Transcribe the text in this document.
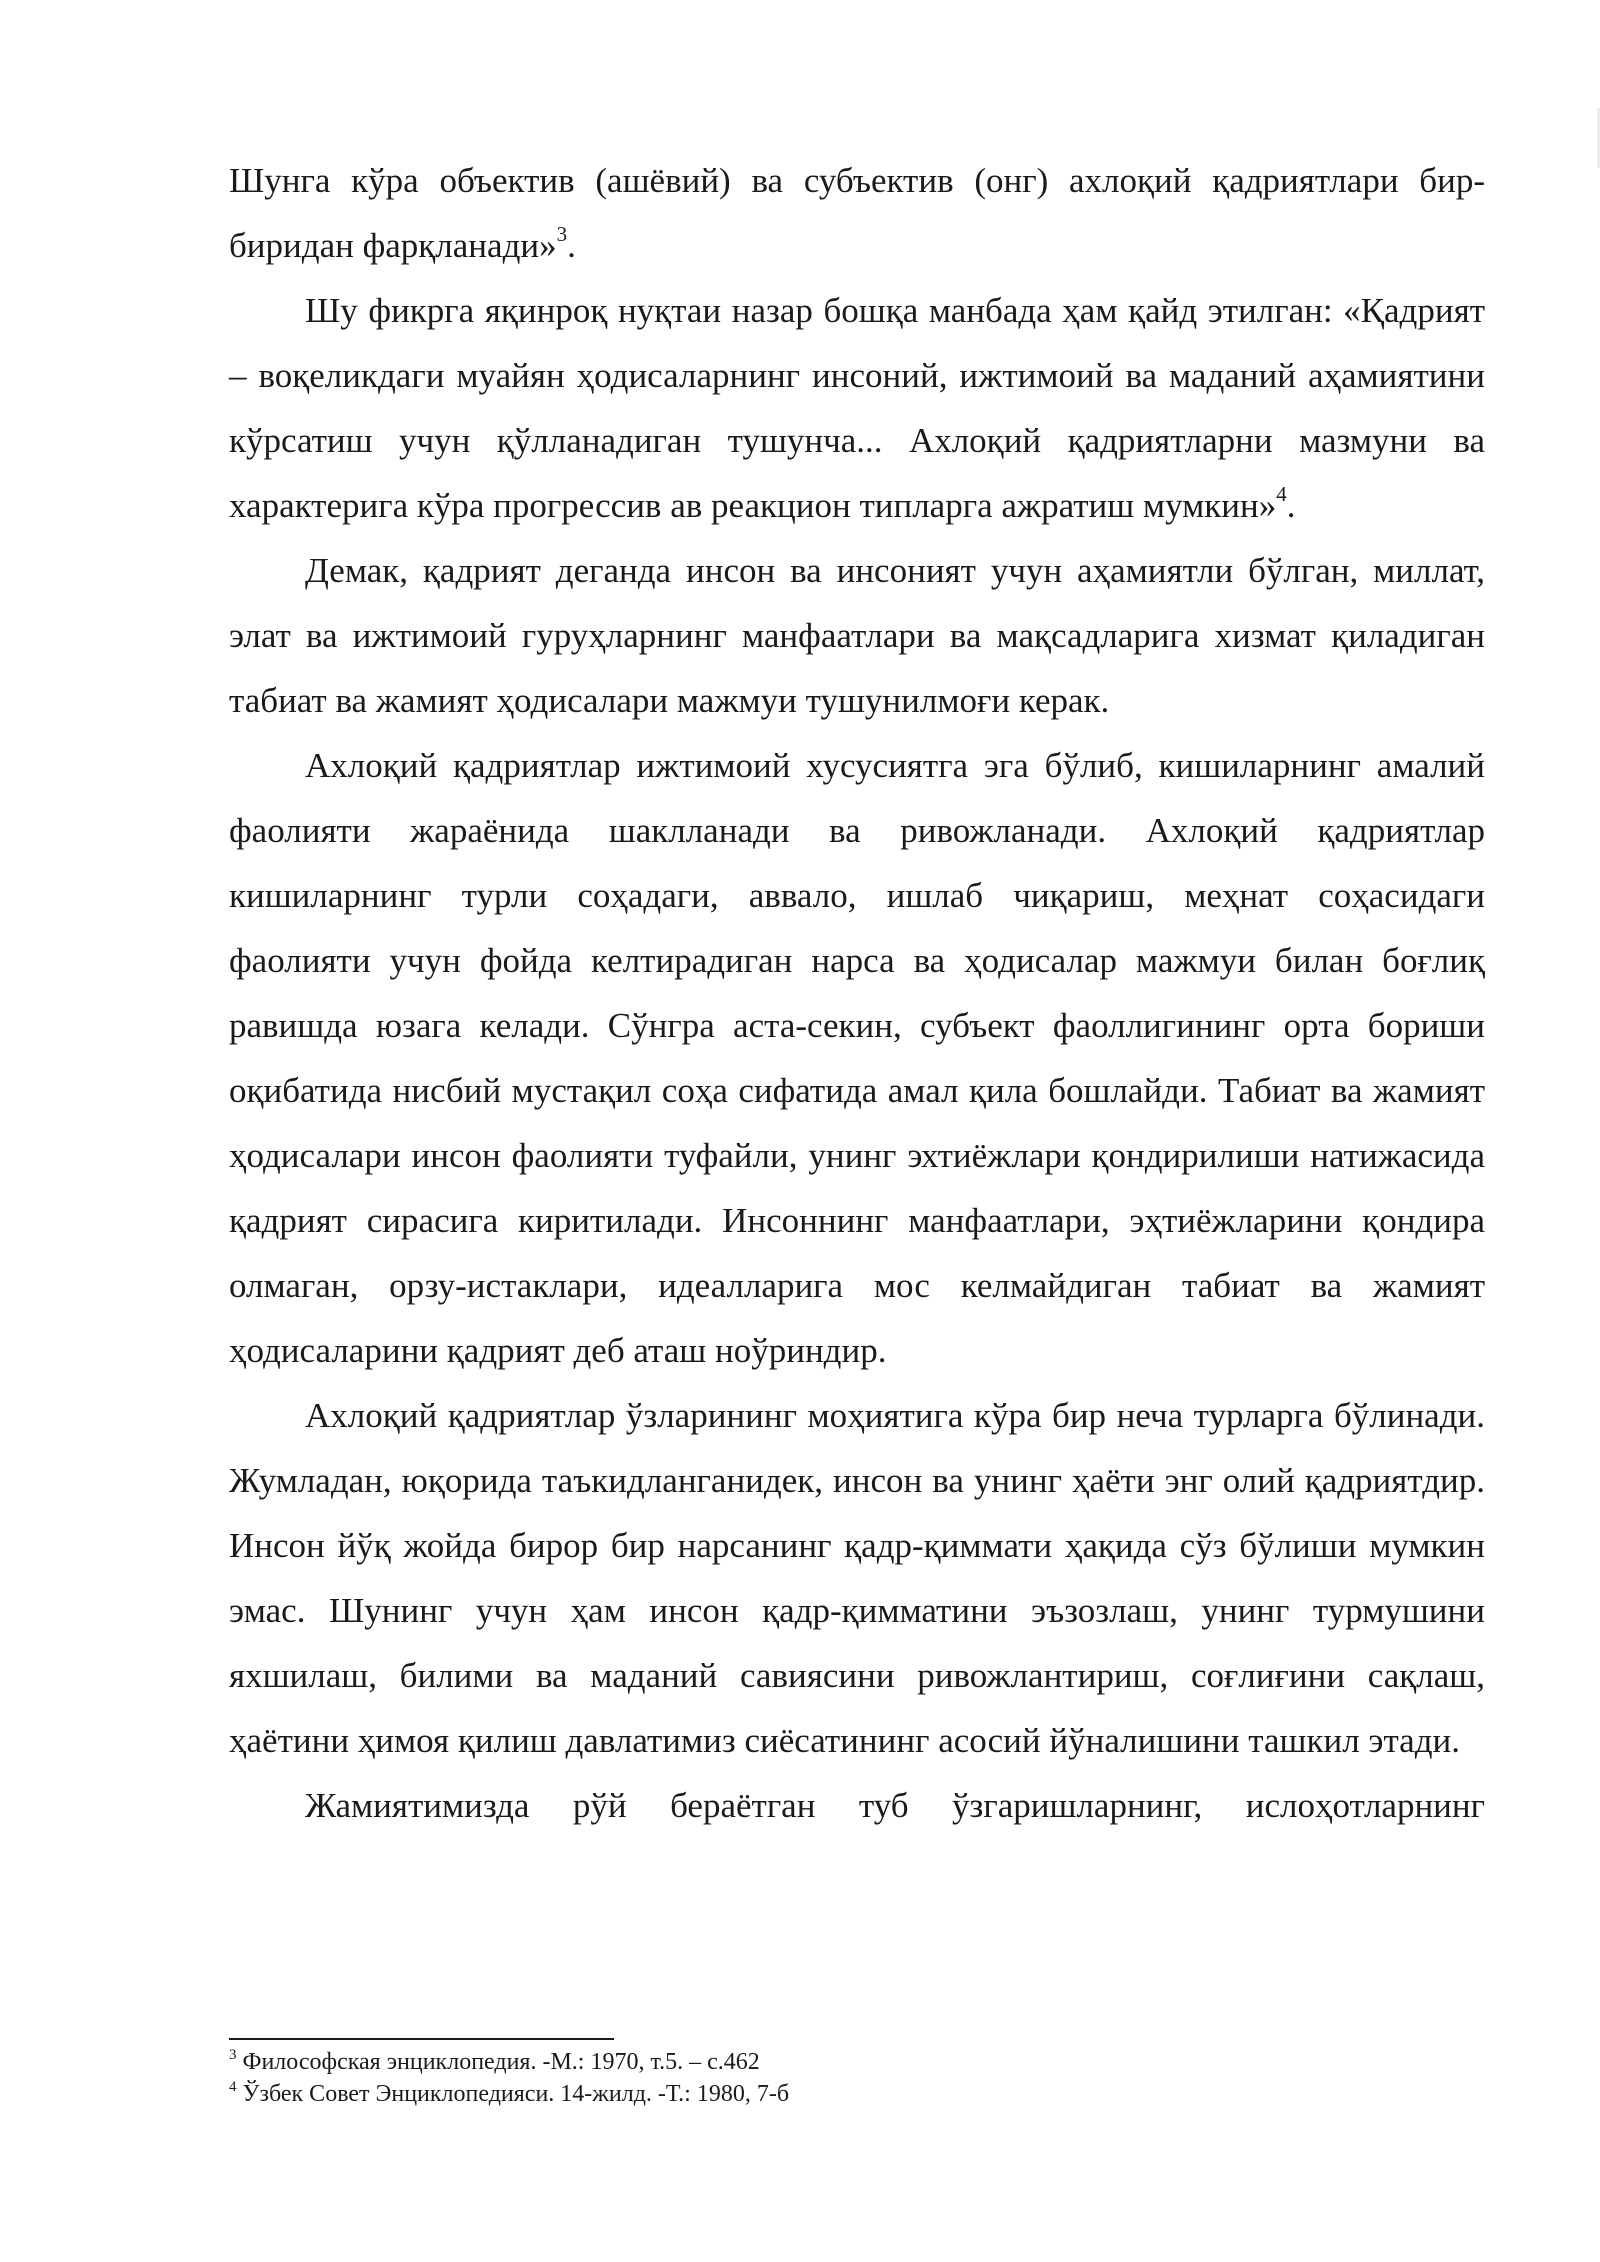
Шунга кўра объектив (ашёвий) ва субъектив (онг) ахлоқий қадриятлари бир-биридан фарқланади»$^3$.

Шу фикрга яқинроқ нуқтаи назар бошқа манбада ҳам қайд этилган: «Қадрият – воқеликдаги муайян ҳодисаларнинг инсоний, ижтимоий ва маданий аҳамиятини кўрсатиш учун қўлланадиган тушунча... Ахлоқий қадриятларни мазмуни ва характерига кўра прогрессив ав реакцион типларга ажратиш мумкин»$^4$.

Демак, қадрият деганда инсон ва инсоният учун аҳамиятли бўлган, миллат, элат ва ижтимоий гуруҳларнинг манфаатлари ва мақсадларига хизмат қиладиган табиат ва жамият ҳодисалари мажмуи тушунилмоғи керак.

Ахлоқий қадриятлар ижтимоий хусусиятга эга бўлиб, кишиларнинг амалий фаолияти жараёнида шаклланади ва ривожланади. Ахлоқий қадриятлар кишиларнинг турли соҳадаги, аввало, ишлаб чиқариш, меҳнат соҳасидаги фаолияти учун фойда келтирадиган нарса ва ҳодисалар мажмуи билан боғлиқ равишда юзага келади. Сўнгра аста-секин, субъект фаоллигининг орта бориши оқибатида нисбий мустақил соҳа сифатида амал қила бошлайди. Табиат ва жамият ҳодисалари инсон фаолияти туфайли, унинг эхтиёжлари қондирилиши натижасида қадрият сирасига киритилади. Инсоннинг манфаатлари, эҳтиёжларини қондира олмаган, орзу-истаклари, идеалларига мос келмайдиган табиат ва жамият ҳодисаларини қадрият деб аташ ноўриндир.

Ахлоқий қадриятлар ўзларининг моҳиятига кўра бир неча турларга бўлинади. Жумладан, юқорида таъкидланганидек, инсон ва унинг ҳаёти энг олий қадриятдир. Инсон йўқ жойда бирор бир нарсанинг қадр-қиммати ҳақида сўз бўлиши мумкин эмас. Шунинг учун ҳам инсон қадр-қимматини эъзозлаш, унинг турмушини яхшилаш, билими ва маданий савиясини ривожлантириш, соғлиғини сақлаш, ҳаётини ҳимоя қилиш давлатимиз сиёсатининг асосий йўналишини ташкил этади.

Жамиятимизда рўй бераётган туб ўзгаришларнинг, ислоҳотларнинг

$^3$ Философская энциклопедия. -М.: 1970, т.5. – с.462

$^4$ Ўзбек Совет Энциклопедияси. 14-жилд. -Т.: 1980, 7-б
